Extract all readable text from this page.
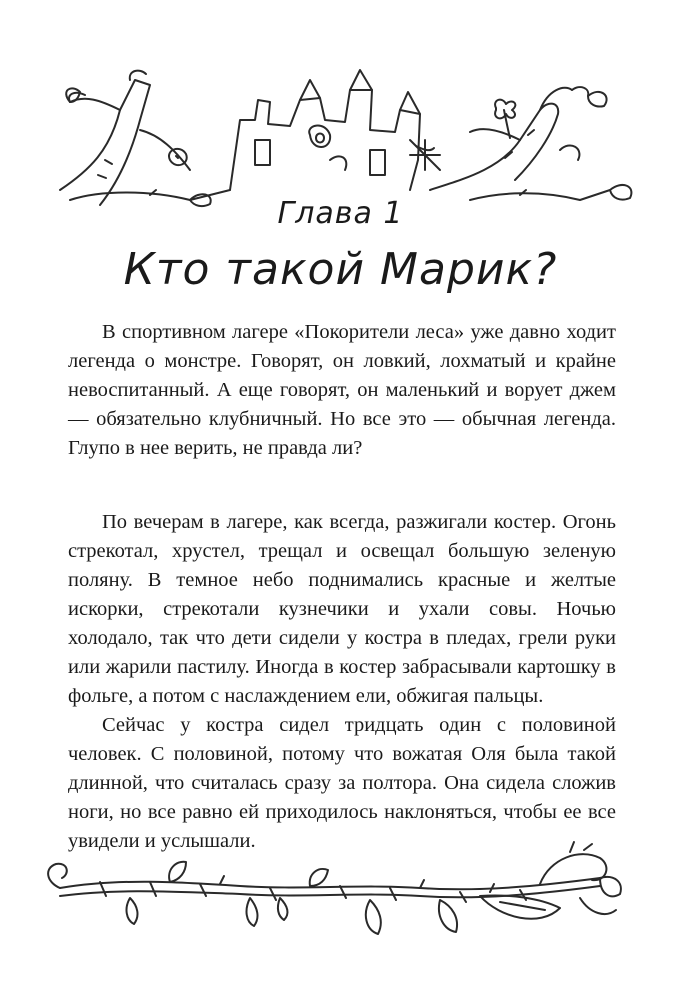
Глава 1
Кто такой Марик?

В спортивном лагере «Покорители леса» уже давно ходит легенда о монстре. Говорят, он ловкий, лохматый и крайне невоспитанный. А еще говорят, он маленький и ворует джем — обязательно клубничный. Но все это — обычная легенда. Глупо в нее верить, не правда ли?

По вечерам в лагере, как всегда, разжигали костер. Огонь стрекотал, хрустел, трещал и освещал большую зеленую поляну. В темное небо поднимались красные и желтые искорки, стрекотали кузнечики и ухали совы. Ночью холодало, так что дети сидели у костра в пледах, грели руки или жарили пастилу. Иногда в костер забрасывали картошку в фольге, а потом с наслаждением ели, обжигая пальцы.

Сейчас у костра сидел тридцать один с половиной человек. С половиной, потому что вожатая Оля была такой длинной, что считалась сразу за полтора. Она сидела сложив ноги, но все равно ей приходилось наклоняться, чтобы ее все увидели и услышали.
